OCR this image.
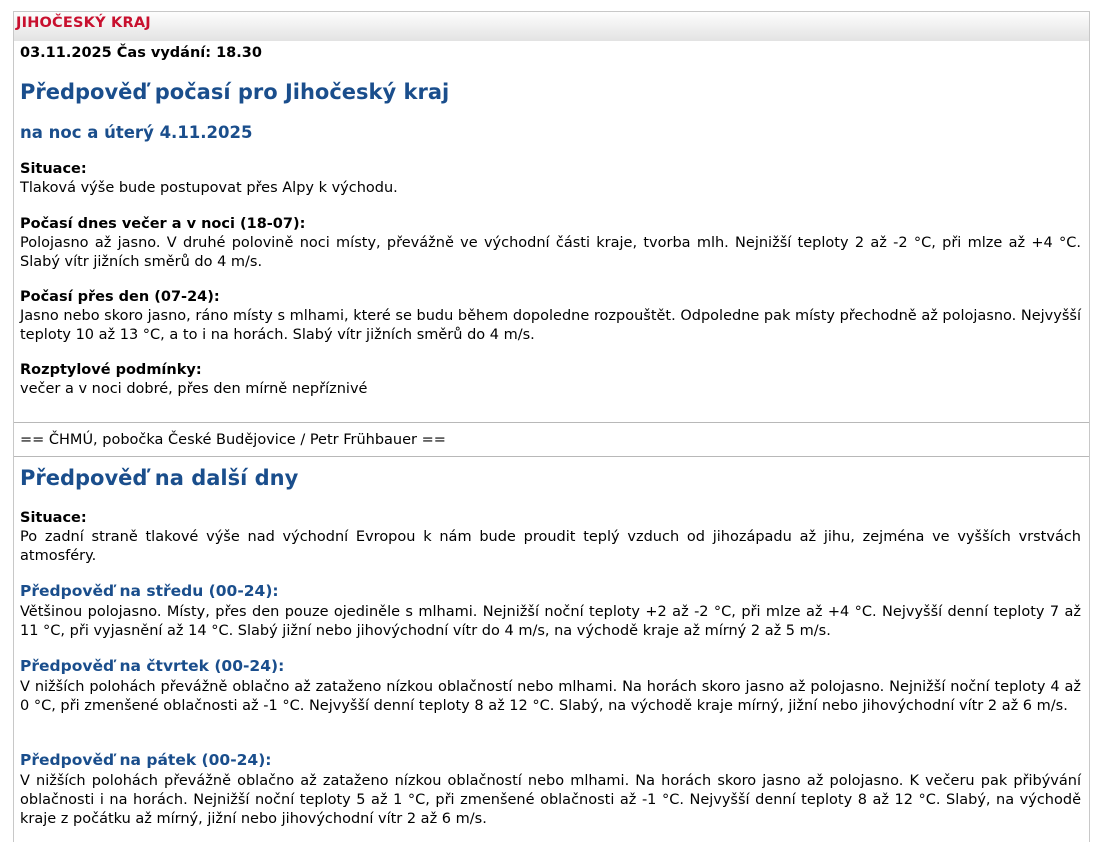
JIHOČESKÝ KRAJ
03.11.2025 Čas vydání: 18.30
Předpověď počasí pro Jihočeský kraj
na noc a úterý 4.11.2025
Situace:
Tlaková výše bude postupovat přes Alpy k východu.
Počasí dnes večer a v noci (18-07):
Polojasno až jasno. V druhé polovině noci místy, převážně ve východní části kraje, tvorba mlh. Nejnižší teploty 2 až -2 °C, při mlze až +4 °C. Slabý vítr jižních směrů do 4 m/s.
Počasí přes den (07-24):
Jasno nebo skoro jasno, ráno místy s mlhami, které se budu během dopoledne rozpouštět. Odpoledne pak místy přechodně až polojasno. Nejvyšší teploty 10 až 13 °C, a to i na horách. Slabý vítr jižních směrů do 4 m/s.
Rozptylové podmínky:
večer a v noci dobré, přes den mírně nepříznivé
== ČHMÚ, pobočka České Budějovice / Petr Frühbauer ==
Předpověď na další dny
Situace:
Po zadní straně tlakové výše nad východní Evropou k nám bude proudit teplý vzduch od jihozápadu až jihu, zejména ve vyšších vrstvách atmosféry.
Předpověď na středu (00-24):
Většinou polojasno. Místy, přes den pouze ojediněle s mlhami. Nejnižší noční teploty +2 až -2 °C, při mlze až +4 °C. Nejvyšší denní teploty 7 až 11 °C, při vyjasnění až 14 °C. Slabý jižní nebo jihovýchodní vítr do 4 m/s, na východě kraje až mírný 2 až 5 m/s.
Předpověď na čtvrtek (00-24):
V nižších polohách převážně oblačno až zataženo nízkou oblačností nebo mlhami. Na horách skoro jasno až polojasno. Nejnižší noční teploty 4 až 0 °C, při zmenšené oblačnosti až -1 °C. Nejvyšší denní teploty 8 až 12 °C. Slabý, na východě kraje mírný, jižní nebo jihovýchodní vítr 2 až 6 m/s.
Předpověď na pátek (00-24):
V nižších polohách převážně oblačno až zataženo nízkou oblačností nebo mlhami. Na horách skoro jasno až polojasno. K večeru pak přibývání oblačnosti i na horách. Nejnižší noční teploty 5 až 1 °C, při zmenšené oblačnosti až -1 °C. Nejvyšší denní teploty 8 až 12 °C. Slabý, na východě kraje z počátku až mírný, jižní nebo jihovýchodní vítr 2 až 6 m/s.
